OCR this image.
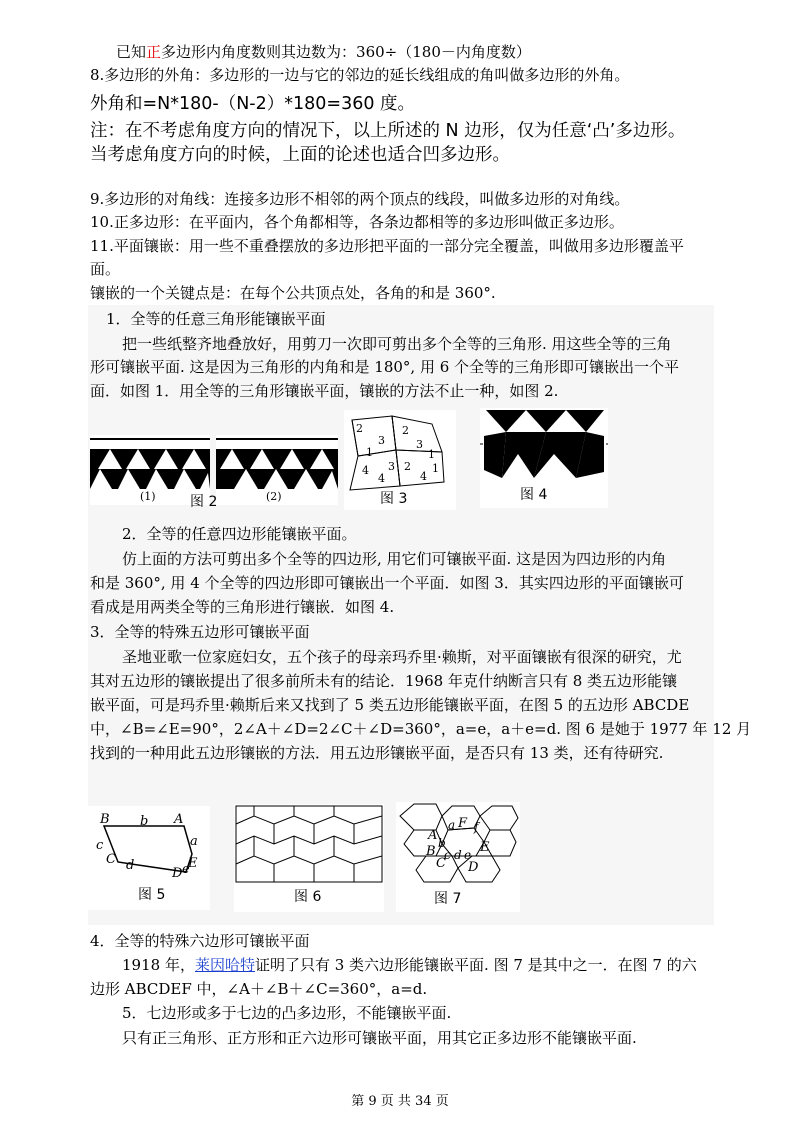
已知正多边形内角度数则其边数为：360÷（180－内角度数）
8.多边形的外角：多边形的一边与它的邻边的延长线组成的角叫做多边形的外角。
外角和=N*180-（N-2）*180=360 度。
注：在不考虑角度方向的情况下，以上所述的 N 边形，仅为任意‘凸’多边形。
当考虑角度方向的时候，上面的论述也适合凹多边形。
9.多边形的对角线：连接多边形不相邻的两个顶点的线段，叫做多边形的对角线。
10.正多边形：在平面内，各个角都相等，各条边都相等的多边形叫做正多边形。
11.平面镶嵌：用一些不重叠摆放的多边形把平面的一部分完全覆盖，叫做用多边形覆盖平
面。
镶嵌的一个关键点是：在每个公共顶点处，各角的和是 360°.
1．全等的任意三角形能镶嵌平面
把一些纸整齐地叠放好，用剪刀一次即可剪出多个全等的三角形. 用这些全等的三角
形可镶嵌平面. 这是因为三角形的内角和是 180°, 用 6 个全等的三角形即可镶嵌出一个平
面．如图 1．用全等的三角形镶嵌平面，镶嵌的方法不止一种，如图 2.
(1)	(2)
图 2
2
3
1
4
2
3
1
4
3 2
4
1
图 3	图 4
2．全等的任意四边形能镶嵌平面。
仿上面的方法可剪出多个全等的四边形, 用它们可镶嵌平面. 这是因为四边形的内角
和是 360°, 用 4 个全等的四边形即可镶嵌出一个平面．如图 3．其实四边形的平面镶嵌可
看成是用两类全等的三角形进行镶嵌．如图 4.
3．全等的特殊五边形可镶嵌平面
圣地亚歌一位家庭妇女，五个孩子的母亲玛乔里·赖斯，对平面镶嵌有很深的研究，尤
其对五边形的镶嵌提出了很多前所未有的结论．1968 年克什纳断言只有 8 类五边形能镶
嵌平面，可是玛乔里·赖斯后来又找到了 5 类五边形能镶嵌平面，在图 5 的五边形 ABCDE
中，∠B=∠E=90°，2∠A＋∠D=2∠C＋∠D=360°，a=e，a＋e=d. 图 6 是她于 1977 年 12 月
找到的一种用此五边形镶嵌的方法．用五边形镶嵌平面，是否只有 13 类，还有待研究.
B b A
a
c
C d
D e
E
图 5	图 6
A
a F f
B
b
c d e E
C D
图 7
4．全等的特殊六边形可镶嵌平面
1918 年，莱因哈特证明了只有 3 类六边形能镶嵌平面. 图 7 是其中之一．在图 7 的六
边形 ABCDEF 中，∠A＋∠B＋∠C=360°，a=d.
5．七边形或多于七边的凸多边形，不能镶嵌平面.
只有正三角形、正方形和正六边形可镶嵌平面，用其它正多边形不能镶嵌平面.
第 9 页 共 34 页
